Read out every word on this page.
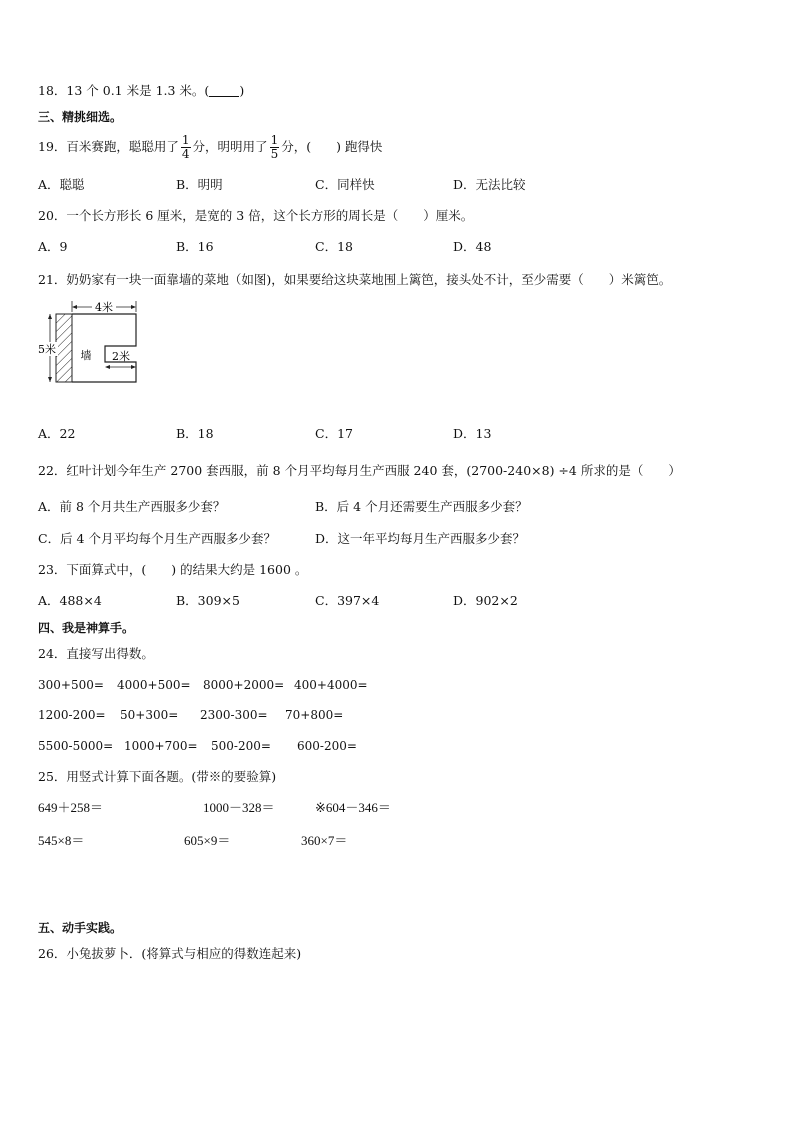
18．13 个 0.1 米是 1.3 米。( )
三、精挑细选。
19．百米赛跑，聪聪用了 $\frac{1}{4}$ 分，明明用了 $\frac{1}{5}$ 分，(　　) 跑得快
A．聪聪	B．明明	C．同样快	D．无法比较
20．一个长方形长 6 厘米，是宽的 3 倍，这个长方形的周长是（　　）厘米。
A．9	B．16	C．18	D．48
21．奶奶家有一块一面靠墙的菜地（如图)，如果要给这块菜地围上篱笆，接头处不计，至少需要（　　）米篱笆。
4米
5米 墙 2米
A．22	B．18	C．17	D．13
22．红叶计划今年生产 2700 套西服，前 8 个月平均每月生产西服 240 套，(2700-240×8) ÷4 所求的是（　　）
A．前 8 个月共生产西服多少套？	B．后 4 个月还需要生产西服多少套？
C．后 4 个月平均每个月生产西服多少套？	D．这一年平均每月生产西服多少套？
23．下面算式中，(　　) 的结果大约是 1600 。
A．488×4	B．309×5	C．397×4	D．902×2
四、我是神算手。
24．直接写出得数。
300+500= 4000+500= 8000+2000= 400+4000=
1200-200= 50+300= 2300-300= 70+800=
5500-5000= 1000+700= 500-200= 600-200=
25．用竖式计算下面各题。(带※的要验算)
649＋258＝	1000－328＝	※604－346＝
545×8＝	605×9＝	360×7＝
五、动手实践。
26．小兔拔萝卜．(将算式与相应的得数连起来)
